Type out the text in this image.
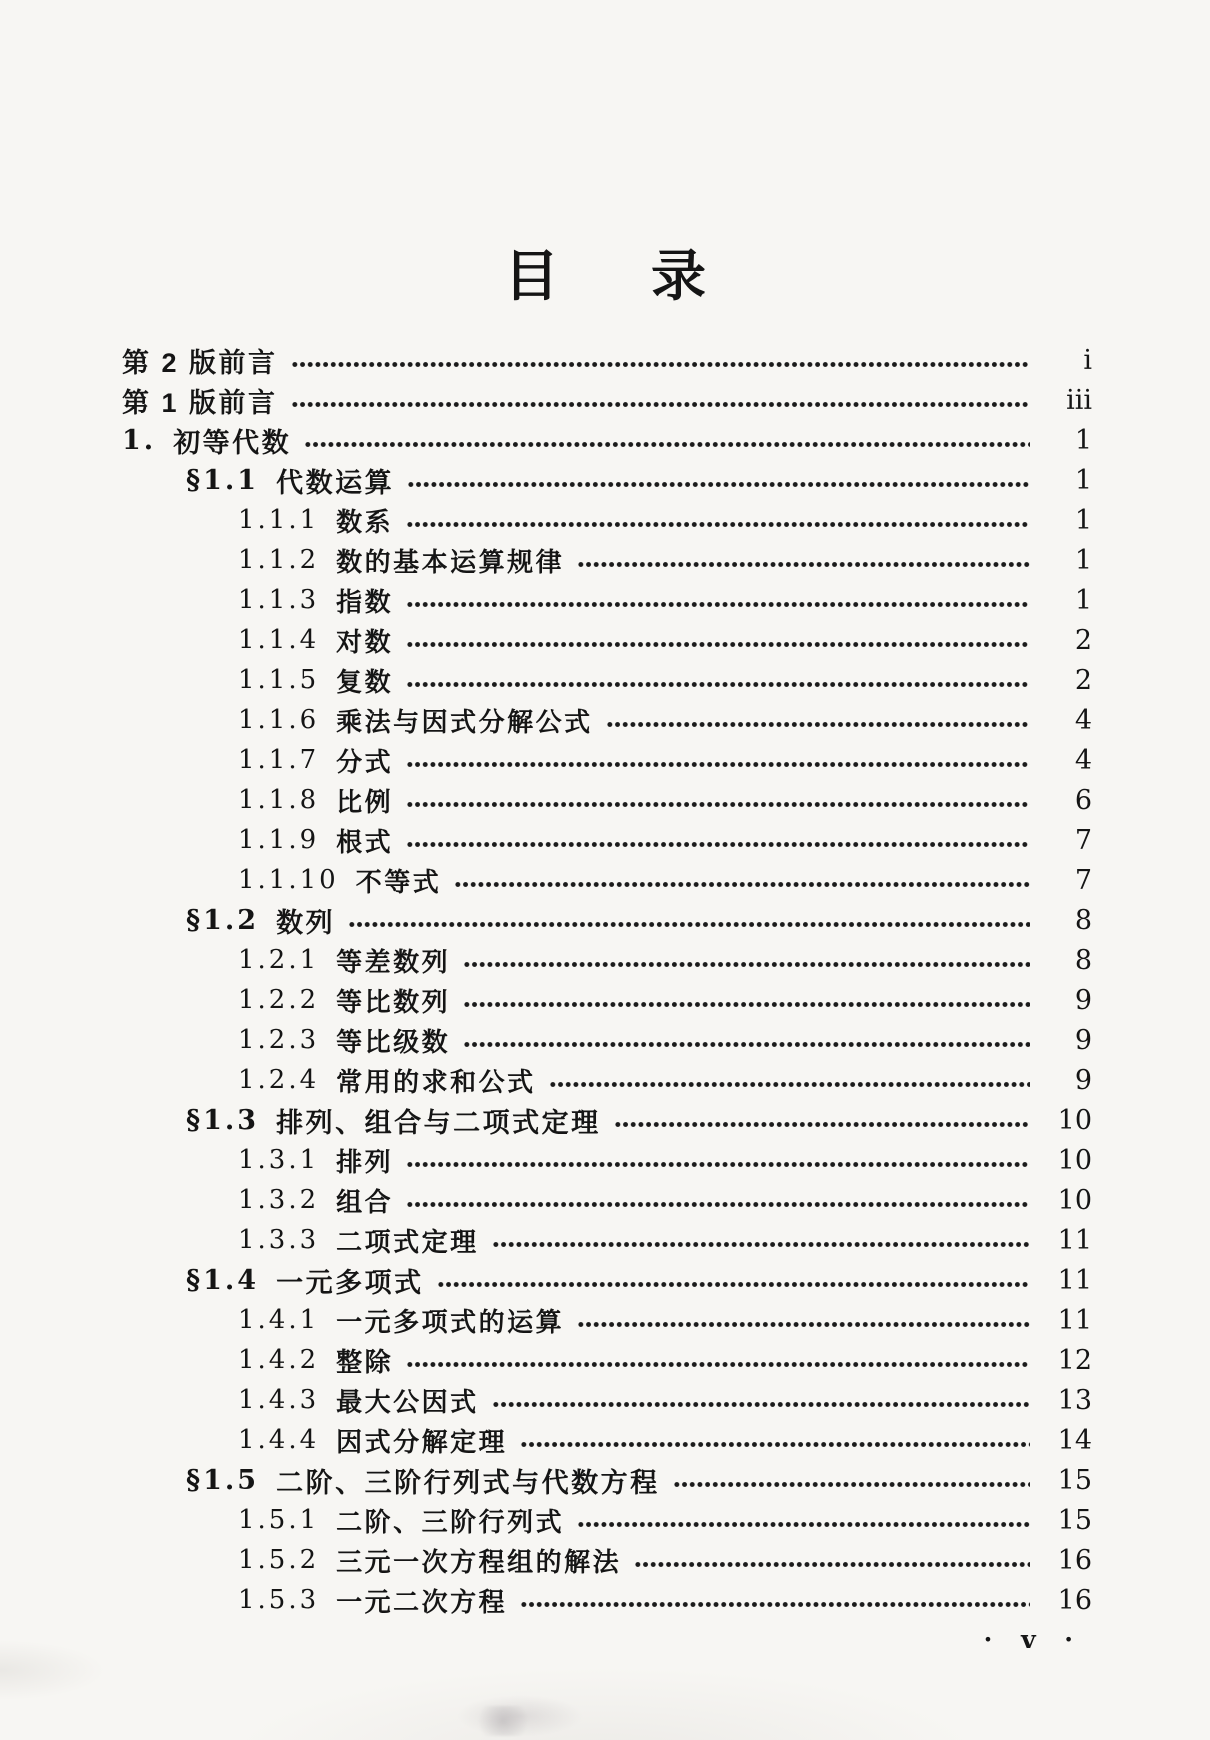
目录
第 2 版前言	i
第 1 版前言	iii
1. 初等代数	1
§1.1 代数运算	1
1.1.1 数系	1
1.1.2 数的基本运算规律	1
1.1.3 指数	1
1.1.4 对数	2
1.1.5 复数	2
1.1.6 乘法与因式分解公式	4
1.1.7 分式	4
1.1.8 比例	6
1.1.9 根式	7
1.1.10 不等式	7
§1.2 数列	8
1.2.1 等差数列	8
1.2.2 等比数列	9
1.2.3 等比级数	9
1.2.4 常用的求和公式	9
§1.3 排列、组合与二项式定理	10
1.3.1 排列	10
1.3.2 组合	10
1.3.3 二项式定理	11
§1.4 一元多项式	11
1.4.1 一元多项式的运算	11
1.4.2 整除	12
1.4.3 最大公因式	13
1.4.4 因式分解定理	14
§1.5 二阶、三阶行列式与代数方程	15
1.5.1 二阶、三阶行列式	15
1.5.2 三元一次方程组的解法	16
1.5.3 一元二次方程	16
· v ·
